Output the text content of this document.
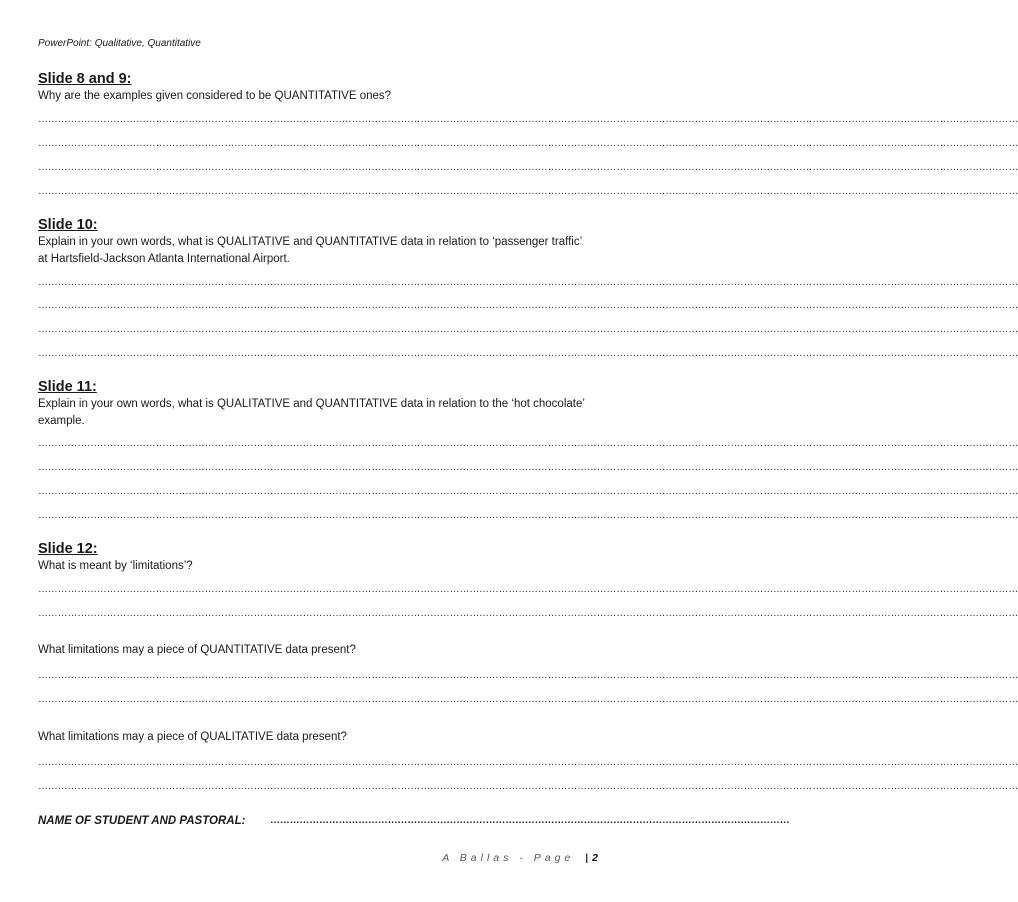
PowerPoint: Qualitative, Quantitative

Slide 8 and 9:

Why are the examples given considered to be QUANTITATIVE ones?

…………………………………………………………………………………………………………………………………………………………………………………………………………………………………………………………………………
…………………………………………………………………………………………………………………………………………………………………………………………………………………………………………………………………………
…………………………………………………………………………………………………………………………………………………………………………………………………………………………………………………………………………
…………………………………………………………………………………………………………………………………………………………………………………………………………………………………………………………………………

Slide 10:

Explain in your own words, what is QUALITATIVE and QUANTITATIVE data in relation to ‘passenger traffic’ at Hartsfield-Jackson Atlanta International Airport.

…………………………………………………………………………………………………………………………………………………………………………………………………………………………………………………………………………
…………………………………………………………………………………………………………………………………………………………………………………………………………………………………………………………………………
…………………………………………………………………………………………………………………………………………………………………………………………………………………………………………………………………………
…………………………………………………………………………………………………………………………………………………………………………………………………………………………………………………………………………

Slide 11:

Explain in your own words, what is QUALITATIVE and QUANTITATIVE data in relation to the ‘hot chocolate’ example.

…………………………………………………………………………………………………………………………………………………………………………………………………………………………………………………………………………
…………………………………………………………………………………………………………………………………………………………………………………………………………………………………………………………………………
…………………………………………………………………………………………………………………………………………………………………………………………………………………………………………………………………………
…………………………………………………………………………………………………………………………………………………………………………………………………………………………………………………………………………

Slide 12:

What is meant by ‘limitations’?

…………………………………………………………………………………………………………………………………………………………………………………………………………………………………………………………………………
…………………………………………………………………………………………………………………………………………………………………………………………………………………………………………………………………………

What limitations may a piece of QUANTITATIVE data present?

…………………………………………………………………………………………………………………………………………………………………………………………………………………………………………………………………………
…………………………………………………………………………………………………………………………………………………………………………………………………………………………………………………………………………

What limitations may a piece of QUALITATIVE data present?

…………………………………………………………………………………………………………………………………………………………………………………………………………………………………………………………………………
…………………………………………………………………………………………………………………………………………………………………………………………………………………………………………………………………………
NAME OF STUDENT AND PASTORAL: ……………………………………………………………………………………………………………………………………………
A Ballas - Page | 2
